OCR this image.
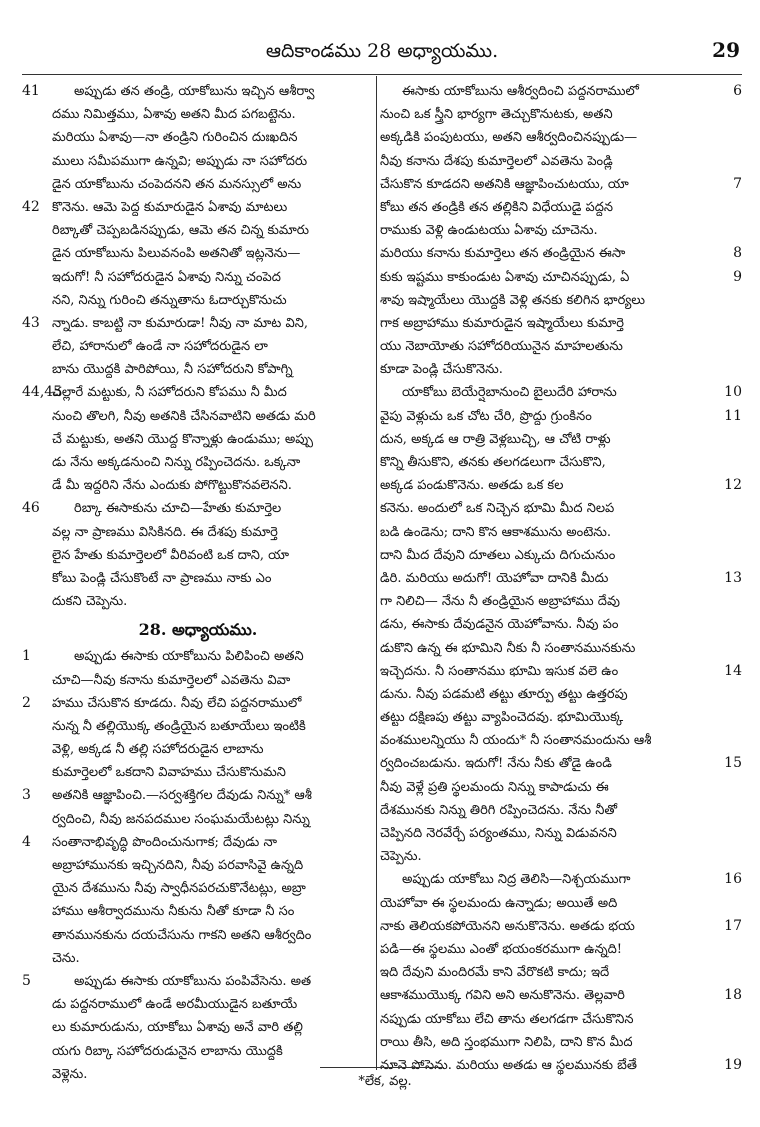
ఆదికాండము 28 అధ్యాయము.	29
41	అప్పుడు తన తండ్రి, యాకోబును ఇచ్చిన ఆశీర్వా
దము నిమిత్తము, ఏశావు అతని మీద పగబట్టెను.
మరియు ఏశావు—నా తండ్రిని గురించిన దుఃఖదిన
ములు సమీపముగా ఉన్నవి; అప్పుడు నా సహోదరు
డైన యాకోబును చంపెదనని తన మనస్సులో అను
42 కొనెను. ఆమె పెద్ద కుమారుడైన ఏశావు మాటలు
రిబ్కాతో చెప్పబడినప్పుడు, ఆమె తన చిన్న కుమారు
డైన యాకోబును పిలువనంపి అతనితో ఇట్లనెను—
ఇదుగో! నీ సహోదరుడైన ఏశావు నిన్ను చంపెద
నని, నిన్ను గురించి తన్నుతాను ఓదార్చుకొనుచు
43 న్నాడు. కాబట్టి నా కుమారుడా! నీవు నా మాట విని,
లేచి, హారానులో ఉండే నా సహోదరుడైన లా
బాను యొద్దకి పారిపోయి, నీ సహోదరుని కోపాగ్ని
44,45
చల్లారే మట్టుకు, నీ సహోదరుని కోపము నీ మీద
నుంచి తొలగి, నీవు అతనికి చేసినవాటిని అతడు మరి
చే మట్టుకు, అతని యొద్ద కొన్నాళ్లు ఉండుము; అప్పు
డు నేను అక్కడనుంచి నిన్ను రప్పించెదను. ఒక్కనా
డే మీ ఇద్దరిని నేను ఎందుకు పోగొట్టుకొనవలెనని.
46	రిబ్కా ఈసాకును చూచి—హేతు కుమార్తెల
వల్ల నా ప్రాణము విసికినది. ఈ దేశపు కుమార్తె
లైన హేతు కుమార్తెలలో వీరివంటి ఒక దాని, యా
కోబు పెండ్లి చేసుకొంటే నా ప్రాణము నాకు ఎం
దుకని చెప్పెను.
28. అధ్యాయము.
1	అప్పుడు ఈసాకు యాకోబును పిలిపించి అతని
చూచి—నీవు కనాను కుమార్తెలలో ఎవతెను వివా
2	హము చేసుకొన కూడదు. నీవు లేచి పద్దనరాములో
నున్న నీ తల్లియొక్క తండ్రియైన బతూయేలు ఇంటికి
వెళ్లి, అక్కడ నీ తల్లి సహోదరుడైన లాబాను
కుమార్తెలలో ఒకదాని వివాహము చేసుకొనుమని
3	అతనికి ఆజ్ఞాపించి.—సర్వశక్తిగల దేవుడు నిన్ను* ఆశీ
ర్వదించి, నీవు జనపదముల సంఘమయేటట్లు నిన్ను
4	సంతానాభివృద్ధి పొందించునుగాక; దేవుడు నా
అబ్రాహామునకు ఇచ్చినదిని, నీవు పరవాసివై ఉన్నది
యైన దేశమును నీవు స్వాధీనపరచుకొనేటట్లు, అబ్రా
హాము ఆశీర్వాదమును నీకును నీతో కూడా నీ సం
తానమునకును దయచేసును గాకని అతని ఆశీర్వదిం
చెను.
5	అప్పుడు ఈసాకు యాకోబును పంపివేసెను. అత
డు పద్దనరాములో ఉండే అరమీయుడైన బతూయే
లు కుమారుడును, యాకోబు ఏశావు అనే వారి తల్లి
యగు రిబ్కా సహోదరుడునైన లాబాను యొద్దకి
వెళ్లెను.
6
ఈసాకు యాకోబును ఆశీర్వదించి పద్దనరాములో
నుంచి ఒక స్త్రీని భార్యగా తెచ్చుకొనుటకు, అతని
అక్కడికి పంపుటయు, అతని ఆశీర్వదించినప్పుడు—
నీవు కనాను దేశపు కుమార్తెలలో ఎవతెను పెండ్లి
7
చేసుకొన కూడదని అతనికి ఆజ్ఞాపించుటయు, యా
కోబు తన తండ్రికి తన తల్లికిని విధేయుడై పద్దన
రాముకు వెళ్లి ఉండుటయు ఏశావు చూచెను.
8
మరియు కనాను కుమార్తెలు తన తండ్రియైన ఈసా
9
కుకు ఇష్టము కాకుండుట ఏశావు చూచినప్పుడు, ఏ
శావు ఇష్మాయేలు యొద్దకి వెళ్లి తనకు కలిగిన భార్యలు
గాక అబ్రాహాము కుమారుడైన ఇష్మాయేలు కుమార్తె
యు నెబాయోతు సహోదరియునైన మాహలతును
కూడా పెండ్లి చేసుకొనెను.
10
యాకోబు బెయేర్షెబానుంచి బైలుదేరి హారాను
11
వైపు వెళ్లుచు ఒక చోట చేరి, ప్రొద్దు గ్రుంకినం
దున, అక్కడ ఆ రాత్రి వెళ్లబుచ్చి, ఆ చోటి రాళ్లు
కొన్ని తీసుకొని, తనకు తలగడలుగా చేసుకొని,
12
అక్కడ పండుకొనెను. అతడు ఒక కల
కనెను. అందులో ఒక నిచ్చెన భూమి మీద నిలప
బడి ఉండెను; దాని కొన ఆకాశమును అంటెను.
దాని మీద దేవుని దూతలు ఎక్కుచు దిగుచునుం
13
డిరి. మరియు అదుగో! యెహోవా దానికి మీదు
గా నిలిచి— నేను నీ తండ్రియైన అబ్రాహాము దేవు
డను, ఈసాకు దేవుడనైన యెహోవాను. నీవు పం
డుకొని ఉన్న ఈ భూమిని నీకు నీ సంతానమునకును
14
ఇచ్చెదను. నీ సంతానము భూమి ఇసుక వలె ఉం
డును. నీవు పడమటి తట్టు తూర్పు తట్టు ఉత్తరపు
తట్టు దక్షిణపు తట్టు వ్యాపించెదవు. భూమియొక్క
వంశములన్నియు నీ యందు* నీ సంతానమందును ఆశీ
15
ర్వదించబడును. ఇదుగో! నేను నీకు తోడై ఉండి
నీవు వెళ్లే ప్రతి స్థలమందు నిన్ను కాపాడుచు ఈ
దేశమునకు నిన్ను తిరిగి రప్పించెదను. నేను నీతో
చెప్పినది నెరవేర్చే పర్యంతము, నిన్ను విడువనని
చెప్పెను.
16
అప్పుడు యాకోబు నిద్ర తెలిసి—నిశ్చయముగా
యెహోవా ఈ స్థలమందు ఉన్నాడు; అయితే అది
17
నాకు తెలియకపోయెనని అనుకొనెను. అతడు భయ
పడి—ఈ స్థలము ఎంతో భయంకరముగా ఉన్నది!
ఇది దేవుని మందిరమే కాని వేరొకటి కాదు; ఇదే
18
ఆకాశముయొక్క గవిని అని అనుకొనెను. తెల్లవారి
నప్పుడు యాకోబు లేచి తాను తలగడగా చేసుకొనిన
రాయి తీసి, అది స్తంభముగా నిలిపి, దాని కొన మీద
19
నూనె పోసెను. మరియు అతడు ఆ స్థలమునకు బేతే
*లేక, వల్ల.
